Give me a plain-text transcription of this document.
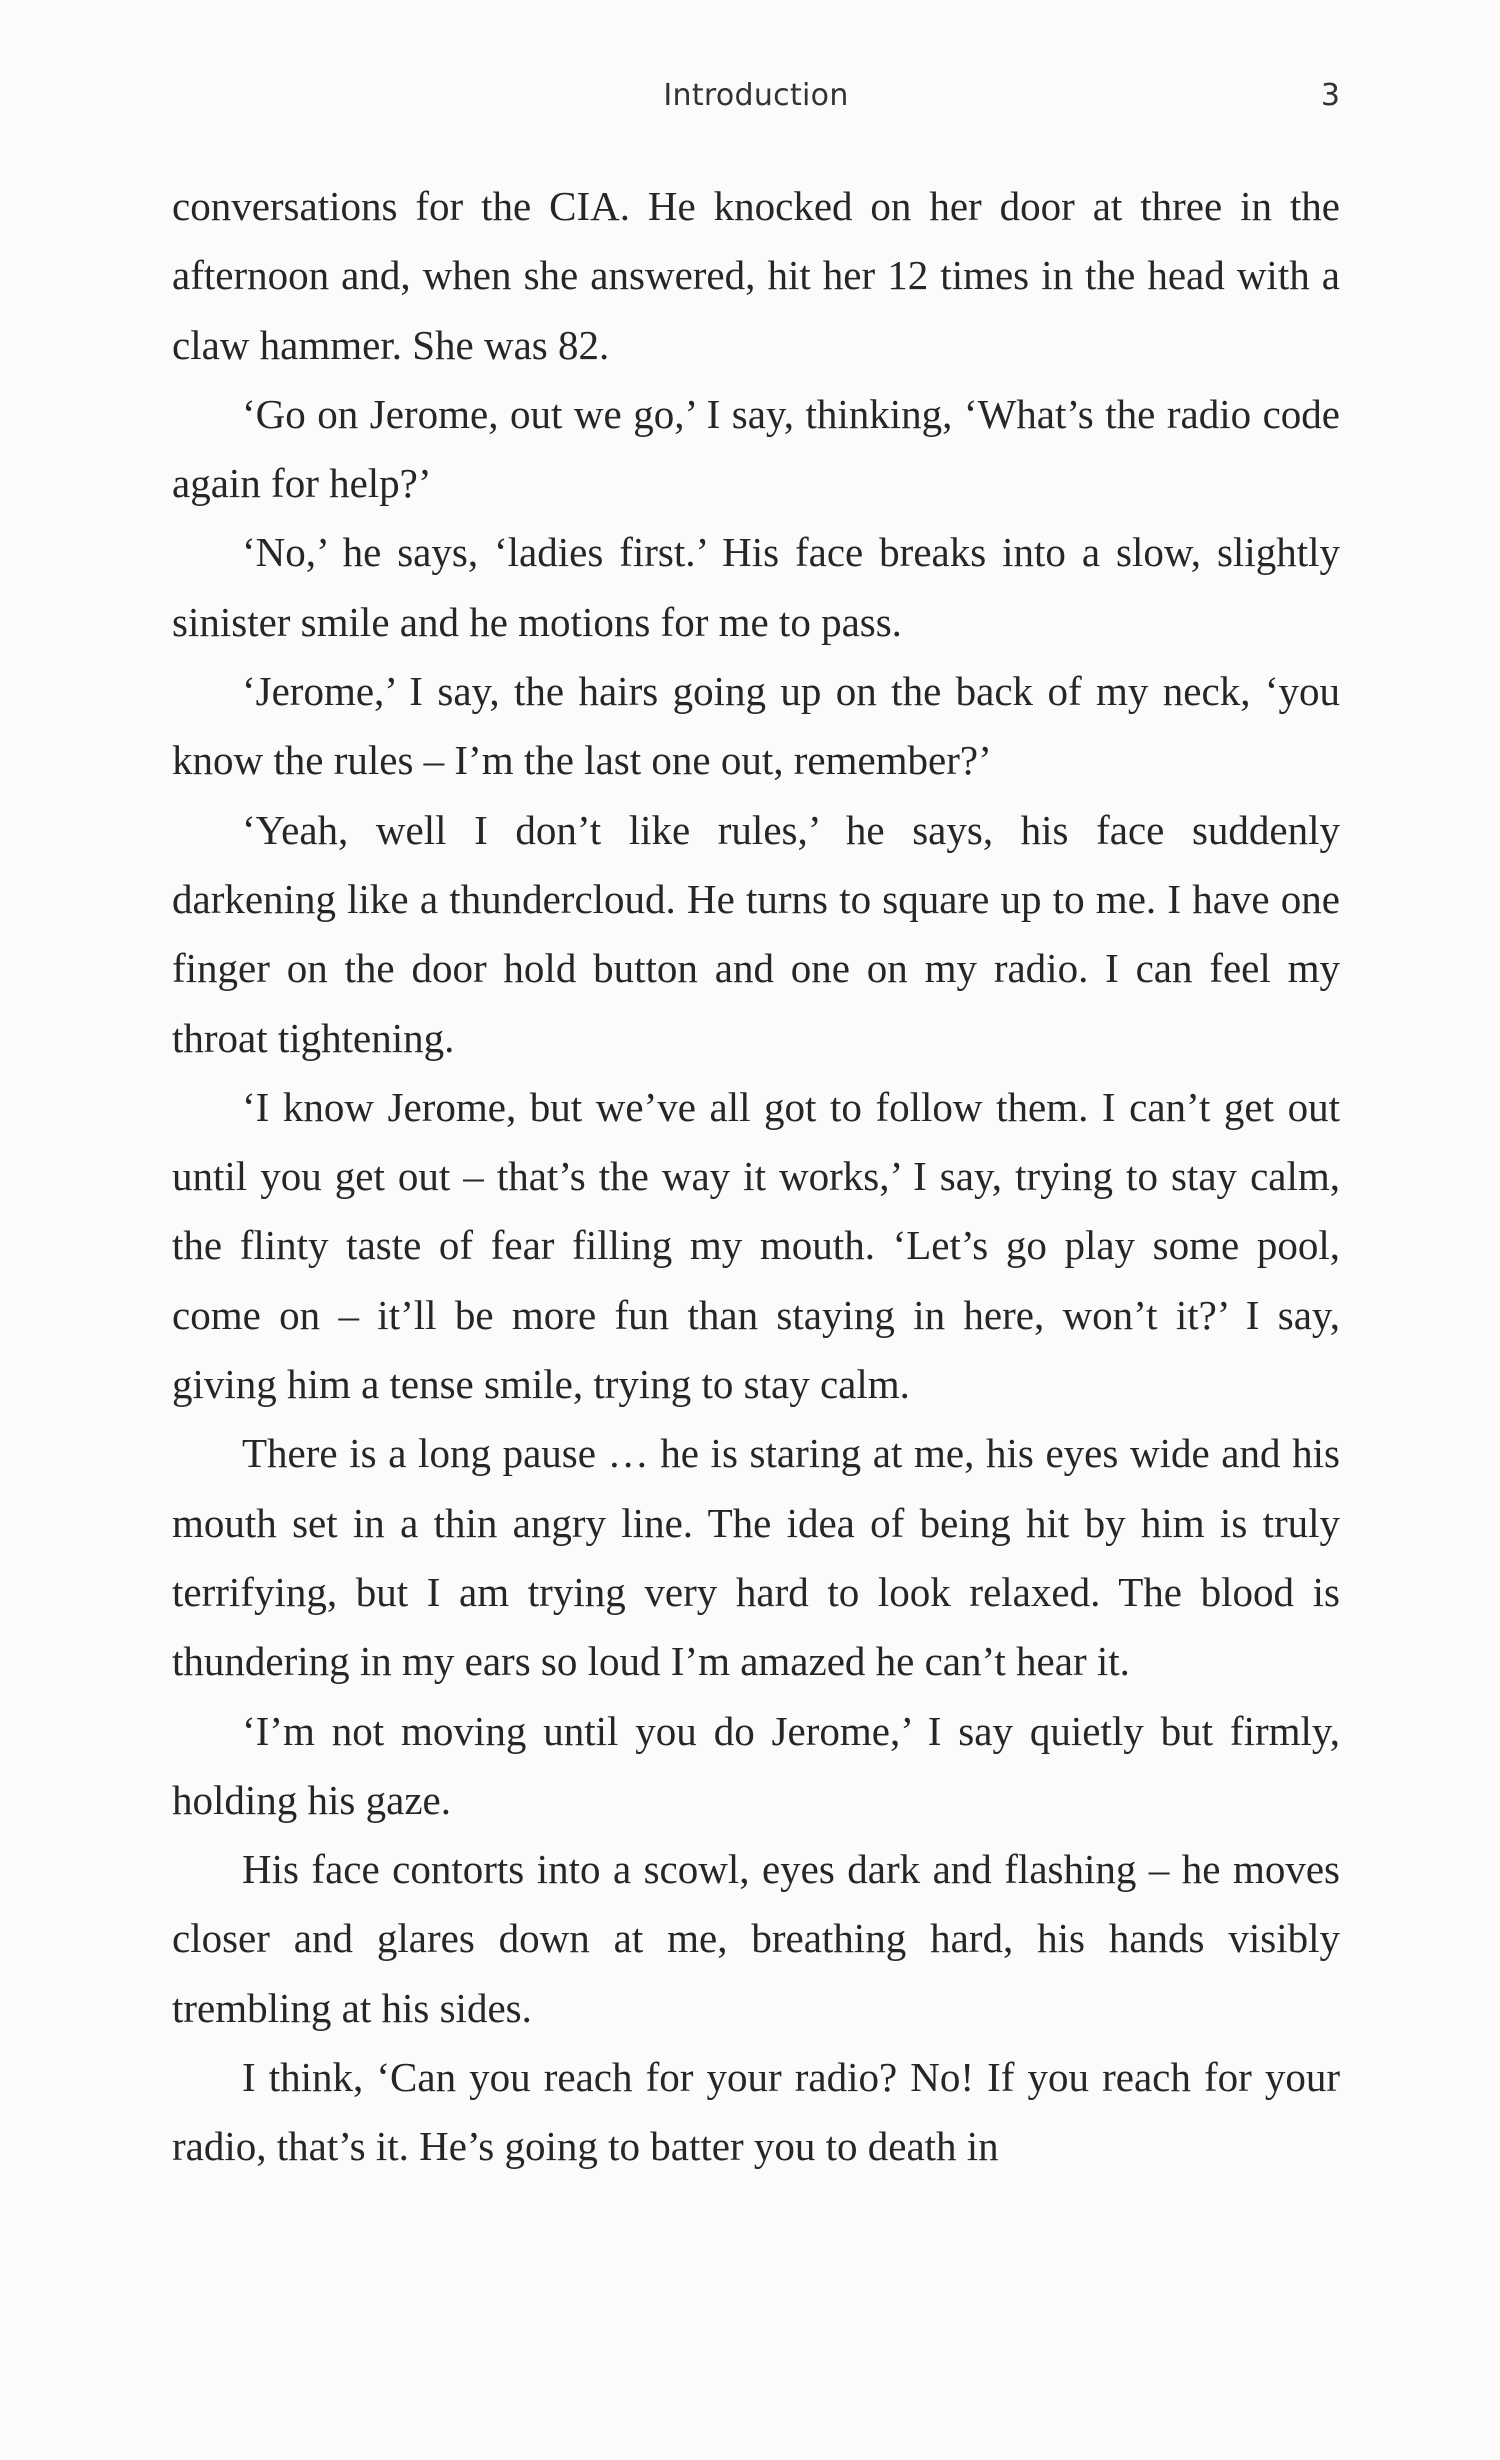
Introduction	3

conversations for the CIA. He knocked on her door at three in the afternoon and, when she answered, hit her 12 times in the head with a claw hammer. She was 82.

‘Go on Jerome, out we go,’ I say, thinking, ‘What’s the radio code again for help?’

‘No,’ he says, ‘ladies first.’ His face breaks into a slow, slightly sinister smile and he motions for me to pass.

‘Jerome,’ I say, the hairs going up on the back of my neck, ‘you know the rules – I’m the last one out, remember?’

‘Yeah, well I don’t like rules,’ he says, his face suddenly darkening like a thundercloud. He turns to square up to me. I have one finger on the door hold button and one on my radio. I can feel my throat tightening.

‘I know Jerome, but we’ve all got to follow them. I can’t get out until you get out – that’s the way it works,’ I say, trying to stay calm, the flinty taste of fear filling my mouth. ‘Let’s go play some pool, come on – it’ll be more fun than staying in here, won’t it?’ I say, giving him a tense smile, trying to stay calm.

There is a long pause … he is staring at me, his eyes wide and his mouth set in a thin angry line. The idea of being hit by him is truly terrifying, but I am trying very hard to look relaxed. The blood is thundering in my ears so loud I’m amazed he can’t hear it.

‘I’m not moving until you do Jerome,’ I say quietly but firmly, holding his gaze.

His face contorts into a scowl, eyes dark and flashing – he moves closer and glares down at me, breathing hard, his hands visibly trembling at his sides.

I think, ‘Can you reach for your radio? No! If you reach for your radio, that’s it. He’s going to batter you to death in
